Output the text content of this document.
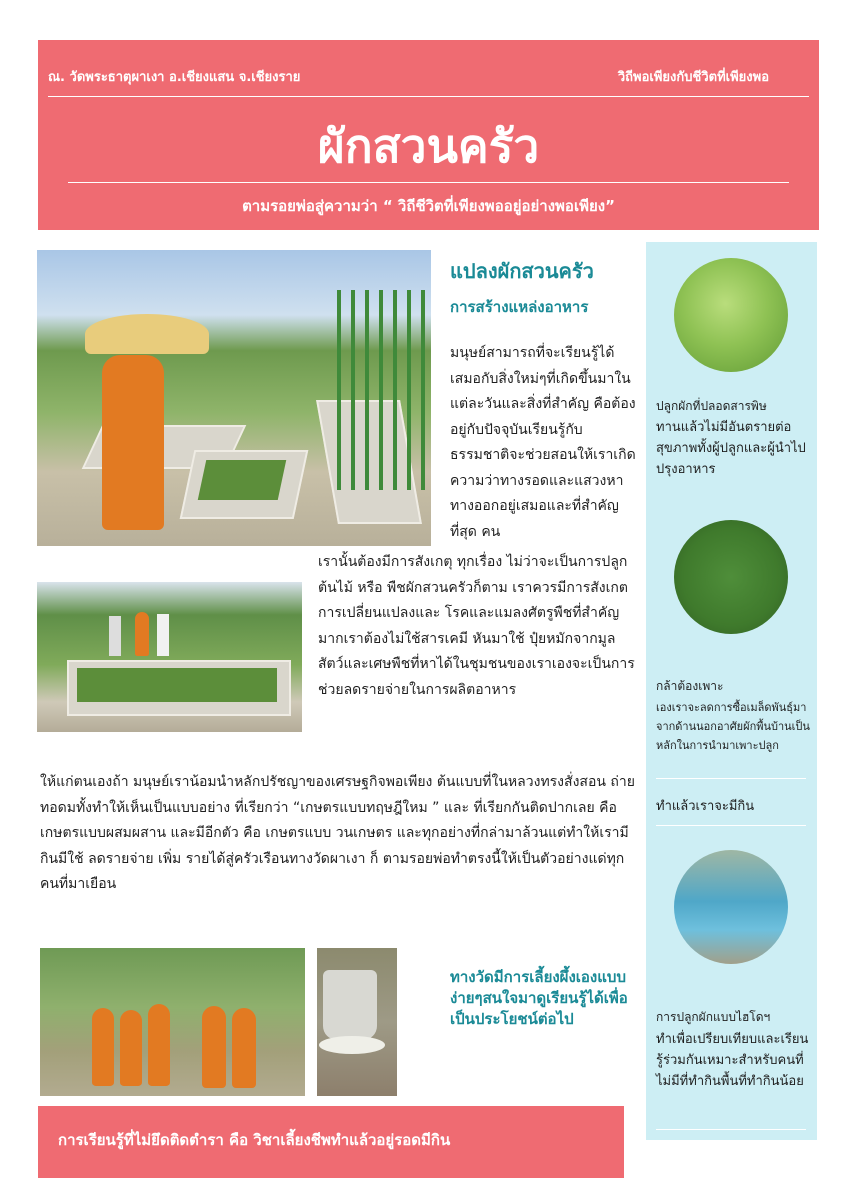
ณ. วัดพระธาตุผาเงา อ.เชียงแสน จ.เชียงราย	วิถีพอเพียงกับชีวิตที่เพียงพอ
ผักสวนครัว
ตามรอยพ่อสู่ความว่า “ วิถีชีวิตที่เพียงพออยู่อย่างพอเพียง”
แปลงผักสวนครัว
การสร้างแหล่งอาหาร
มนุษย์สามารถที่จะเรียนรู้ได้เสมอกับสิ่งใหม่ๆที่เกิดขึ้นมาในแต่ละวันและสิ่งที่สำคัญ คือต้องอยู่กับปัจจุบันเรียนรู้กับธรรมชาติจะช่วยสอนให้เราเกิดความว่าทางรอดและแสวงหาทางออกอยู่เสมอและที่สำคัญที่สุด คน
เรานั้นต้องมีการสังเกตุ ทุกเรื่อง ไม่ว่าจะเป็นการปลูก ต้นไม้ หรือ พืชผักสวนครัวก็ตาม เราควรมีการสังเกตการเปลี่ยนแปลงและ โรคและแมลงศัตรูพืชที่สำคัญ มากเราต้องไม่ใช้สารเคมี หันมาใช้ ปุ๋ยหมักจากมูลสัตว์และเศษพืชที่หาได้ในชุมชนของเราเองจะเป็นการช่วยลดรายจ่ายในการผลิตอาหาร
ให้แก่ตนเองถ้า มนุษย์เราน้อมนำหลักปรัชญาของเศรษฐกิจพอเพียง ต้นแบบที่ในหลวงทรงสั่งสอน ถ่ายทอดมทั้งทำให้เห็นเป็นแบบอย่าง ที่เรียกว่า “เกษตรแบบทฤษฎีใหม ” และ ที่เรียกกันติดปากเลย คือ เกษตรแบบผสมผสาน และมีอีกตัว คือ เกษตรแบบ วนเกษตร และทุกอย่างที่กล่ามาล้วนแต่ทำให้เรามีกินมีใช้ ลดรายจ่าย เพิ่ม รายได้สู่ครัวเรือนทางวัดผาเงา ก็ ตามรอยพ่อทำตรงนี้ให้เป็นตัวอย่างแด่ทุกคนที่มาเยือน
ทางวัดมีการเลี้ยงผึ้งเองแบบง่ายๆสนใจมาดูเรียนรู้ได้เพื่อเป็นประโยชน์ต่อไป
การเรียนรู้ที่ไม่ยึดติดตำรา คือ วิชาเลี้ยงชีพทำแล้วอยู่รอดมีกิน
ปลูกผักที่ปลอดสารพิษ
ทานแล้วไม่มีอันตรายต่อสุขภาพทั้งผู้ปลูกและผู้นำไปปรุงอาหาร
กล้าต้องเพาะ
เองเราจะลดการซื้อเมล็ดพันธุ์มาจากด้านนอกอาศัยผักพื้นบ้านเป็นหลักในการนำมาเพาะปลูก
ทำแล้วเราจะมีกิน
การปลูกผักแบบไฮโดฯ
ทำเพื่อเปรียบเทียบและเรียนรู้ร่วมกันเหมาะสำหรับคนที่ไม่มีที่ทำกินพื้นที่ทำกินน้อย
